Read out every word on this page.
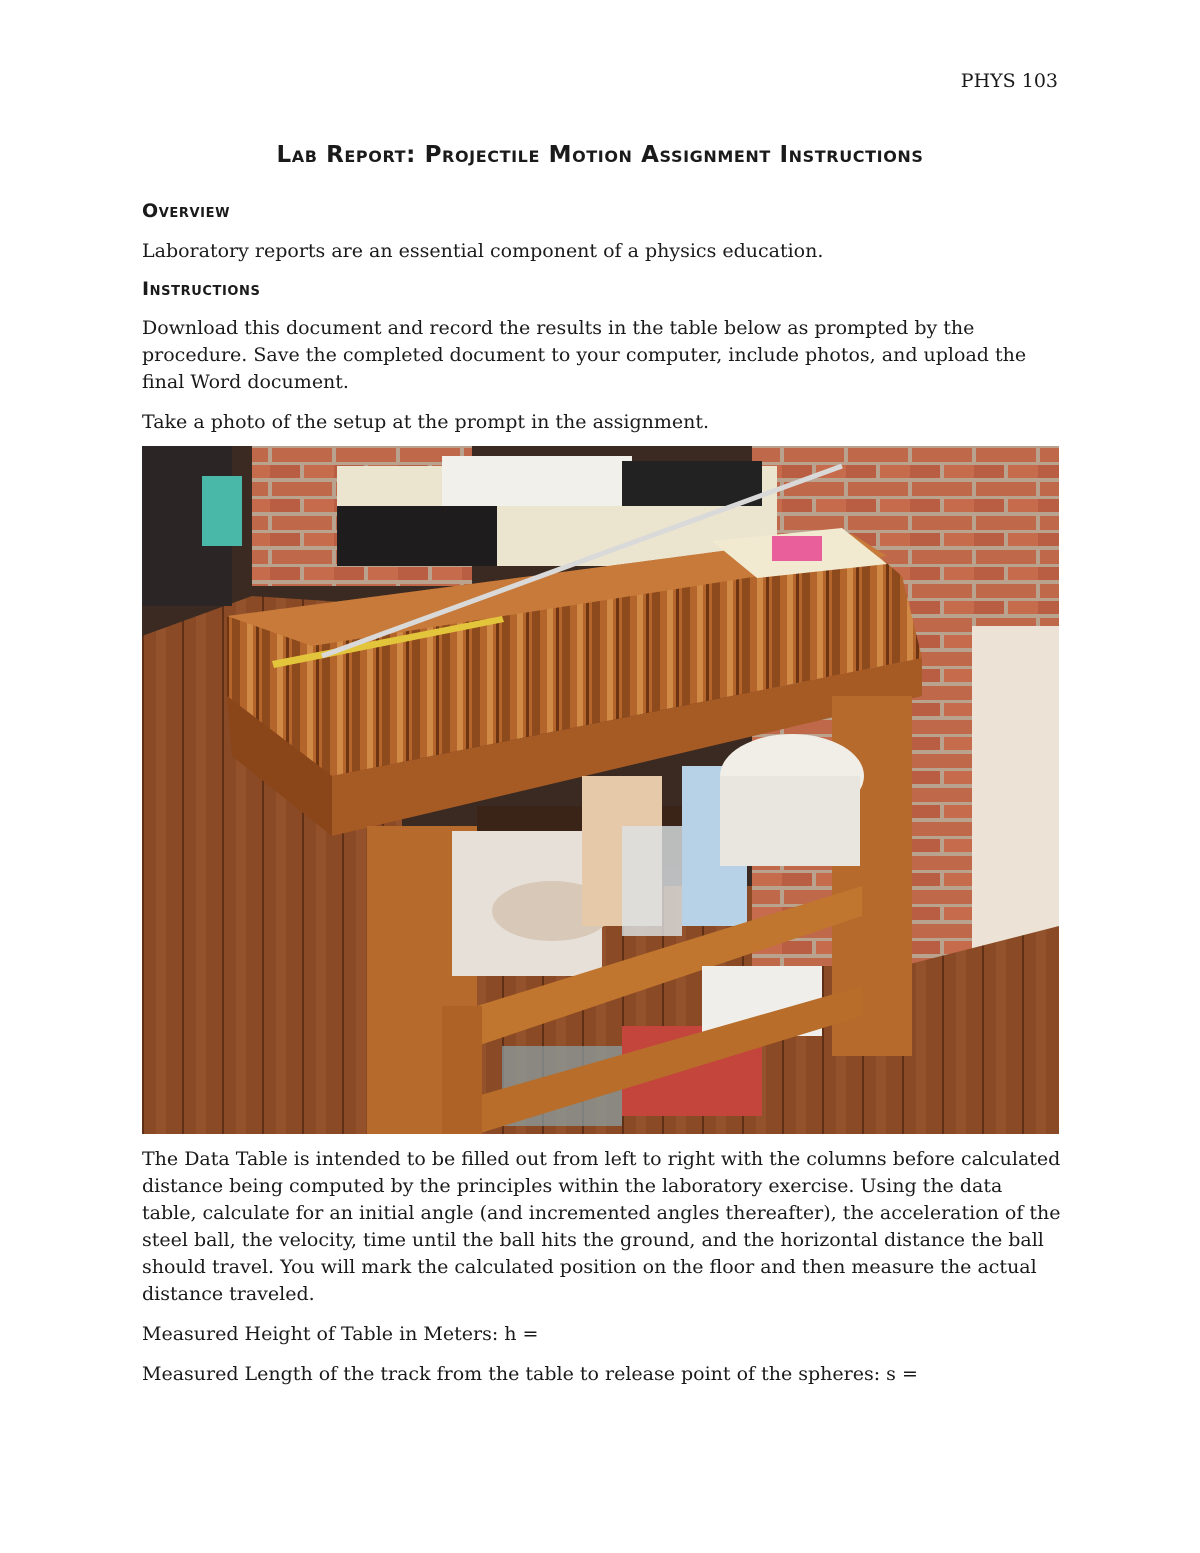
PHYS 103
Lab Report: Projectile Motion Assignment Instructions
Overview

Laboratory reports are an essential component of a physics education.

Instructions

Download this document and record the results in the table below as prompted by the procedure. Save the completed document to your computer, include photos, and upload the final Word document.

Take a photo of the setup at the prompt in the assignment.

The Data Table is intended to be filled out from left to right with the columns before calculated distance being computed by the principles within the laboratory exercise. Using the data table, calculate for an initial angle (and incremented angles thereafter), the acceleration of the steel ball, the velocity, time until the ball hits the ground, and the horizontal distance the ball should travel. You will mark the calculated position on the floor and then measure the actual distance traveled.

Measured Height of Table in Meters: h =

Measured Length of the track from the table to release point of the spheres: s =
